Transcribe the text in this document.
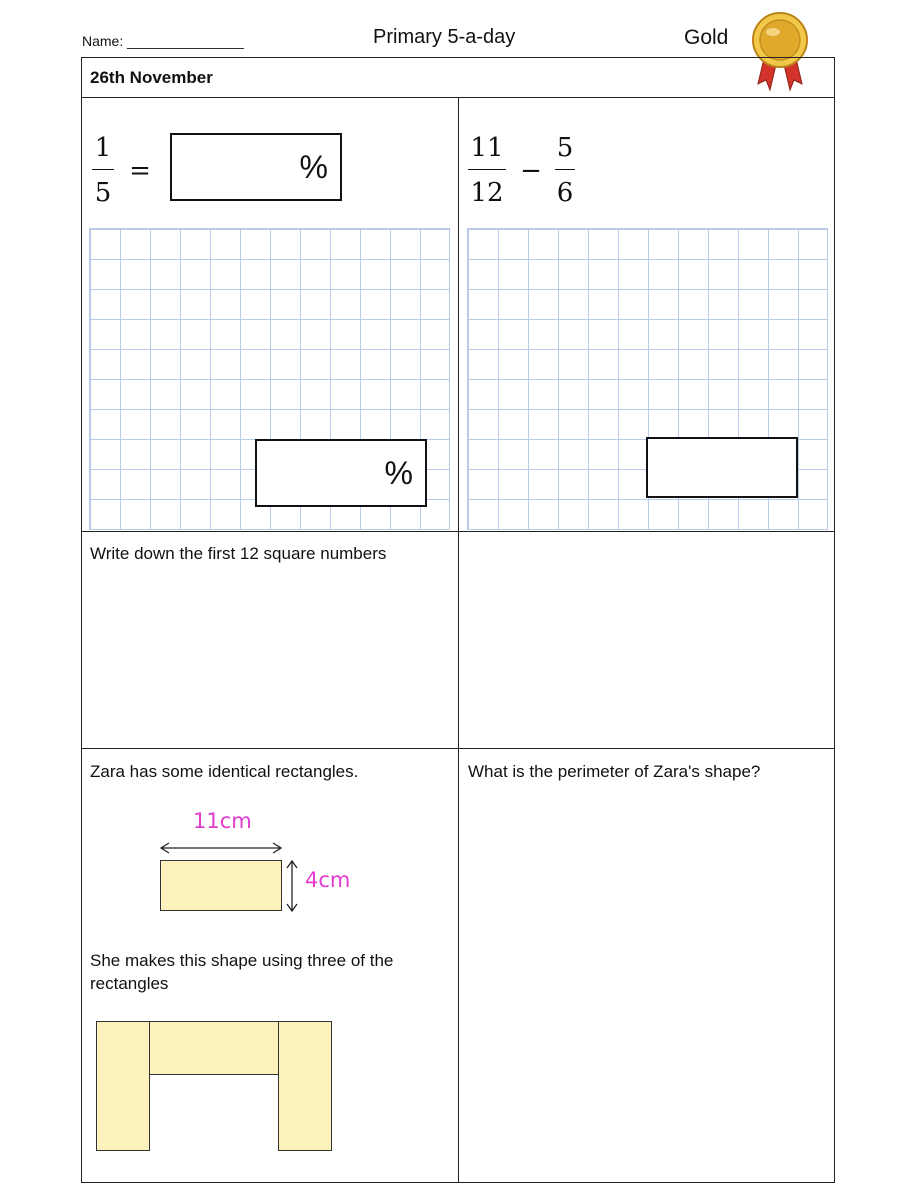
Name: _______________	Primary 5-a-day	Gold
26th November
1
5
=	%
%
11
12
−
5
6
Write down the first 12 square numbers
Zara has some identical rectangles.
11cm
4cm
She makes this shape using three of the rectangles
What is the perimeter of Zara's shape?
